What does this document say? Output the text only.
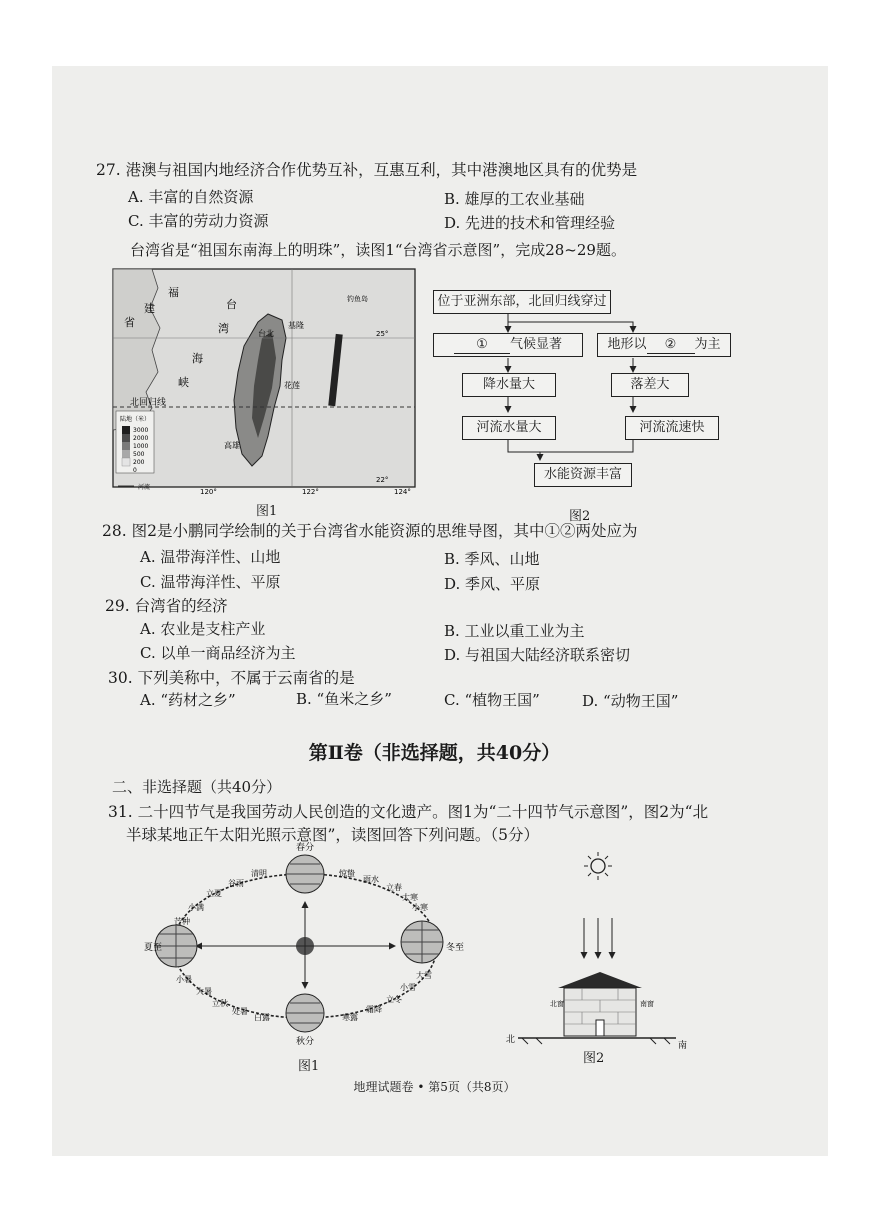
27. 港澳与祖国内地经济合作优势互补，互惠互利，其中港澳地区具有的优势是
A. 丰富的自然资源	B. 雄厚的工农业基础
C. 丰富的劳动力资源	D. 先进的技术和管理经验
台湾省是“祖国东南海上的明珠”，读图1“台湾省示意图”，完成28~29题。
福
建
省
台
湾
海
峡
钓鱼岛
基隆
台北
花莲
高雄
北回归线
25°
22°
120°	122°	124°
陆地（米）
3000
2000
1000
500
200
0
河流
图1
位于亚洲东部，北回归线穿过
① 气候显著	地形以 ② 为主
降水量大	落差大
河流水量大	河流流速快
水能资源丰富
图2
28. 图2是小鹏同学绘制的关于台湾省水能资源的思维导图，其中①②两处应为
A. 温带海洋性、山地	B. 季风、山地
C. 温带海洋性、平原	D. 季风、平原
29. 台湾省的经济
A. 农业是支柱产业	B. 工业以重工业为主
C. 以单一商品经济为主	D. 与祖国大陆经济联系密切
30. 下列美称中，不属于云南省的是
A. “药材之乡”	B. “鱼米之乡”	C. “植物王国”	D. “动物王国”
第Ⅱ卷（非选择题，共40分）
二、非选择题（共40分）
31. 二十四节气是我国劳动人民创造的文化遗产。图1为“二十四节气示意图”，图2为“北
半球某地正午太阳光照示意图”，读图回答下列问题。（5分）
春分
夏至
秋分
冬至
清明
谷雨
立夏
小满
芒种
惊蛰
雨水
立春
大寒
小寒
小暑
大暑
立秋
处暑
白露
大雪
小雪
立冬
霜降
寒露
图1
北窗	南窗
北
南
图2
地理试题卷 • 第5页（共8页）
